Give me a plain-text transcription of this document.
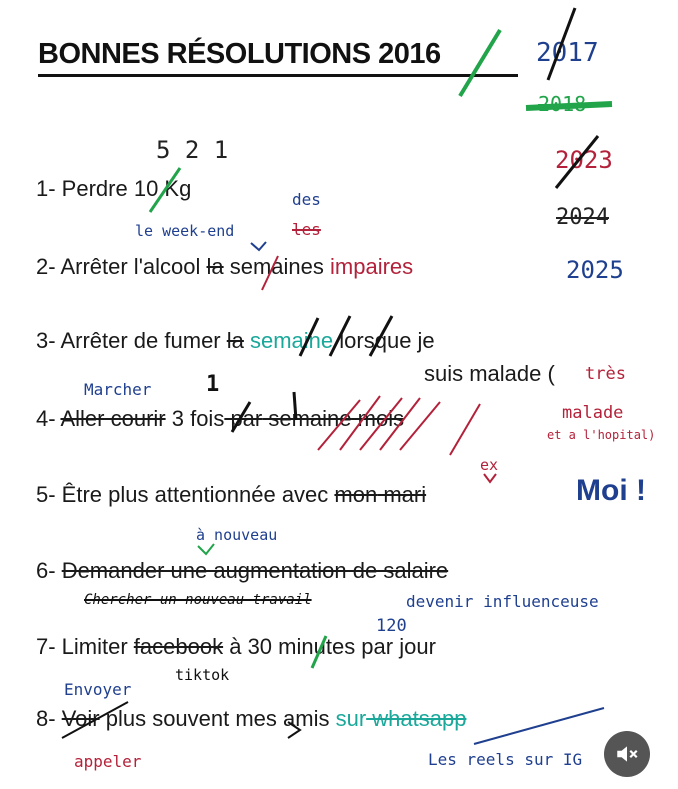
BONNES RÉSOLUTIONS 2016	2017
2018
2023
2024
2025
5 2 1
1- Perdre 10 Kg
le week-end
des
les
2- Arrêter l'alcool la semaines impaires
3- Arrêter de fumer la semaine lorsque je
suis malade ( très
Marcher 1
malade
et a l'hopital)
4- Aller courir 3 fois par semaine mois
ex
5- Être plus attentionnée avec mon mari	Moi !
à nouveau
6- Demander une augmentation de salaire
Chercher un nouveau travail	devenir influenceuse
120
7- Limiter facebook à 30 minutes par jour
tiktok
Envoyer
8- Voir plus souvent mes amis sur whatsapp
appeler	Les reels sur IG
